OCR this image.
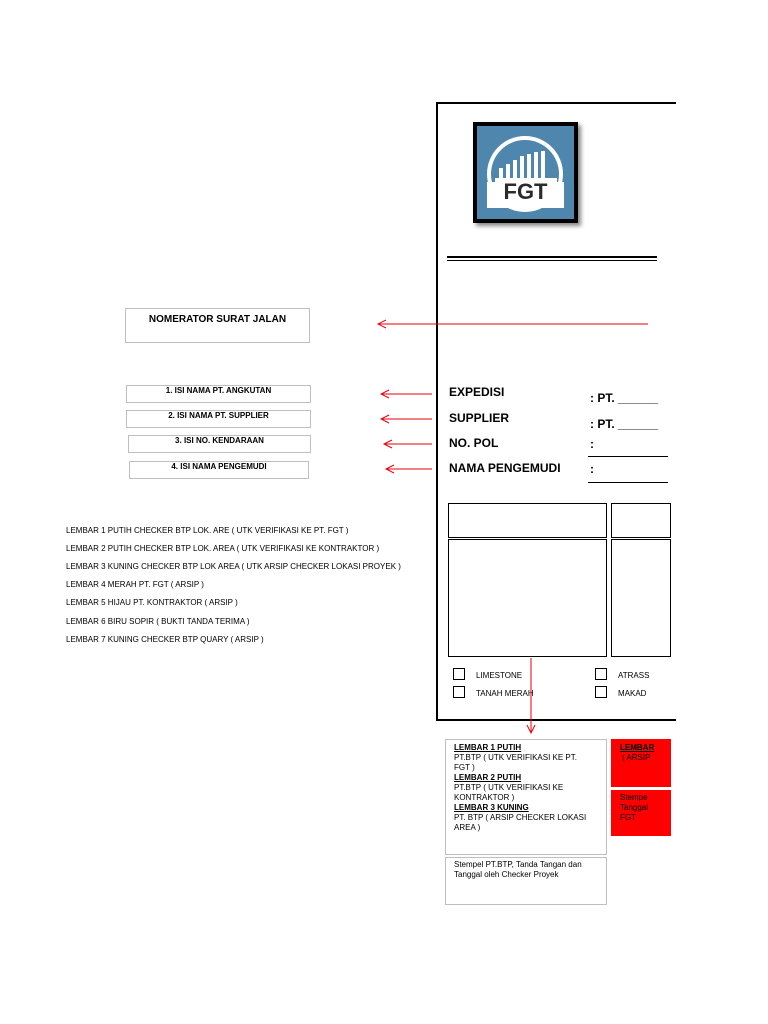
NOMERATOR SURAT JALAN
1. ISI NAMA PT. ANGKUTAN
2. ISI NAMA PT. SUPPLIER
3. ISI NO. KENDARAAN
4. ISI NAMA PENGEMUDI
LEMBAR 1 PUTIH CHECKER BTP LOK. ARE ( UTK VERIFIKASI KE PT. FGT )
LEMBAR 2 PUTIH CHECKER BTP LOK. AREA ( UTK VERIFIKASI KE KONTRAKTOR )
LEMBAR 3 KUNING CHECKER BTP LOK AREA ( UTK ARSIP CHECKER LOKASI PROYEK )
LEMBAR 4 MERAH PT. FGT ( ARSIP )
LEMBAR 5 HIJAU PT. KONTRAKTOR ( ARSIP )
LEMBAR 6 BIRU SOPIR ( BUKTI TANDA TERIMA )
LEMBAR 7 KUNING CHECKER BTP QUARY ( ARSIP )
FGT
EXPEDISI	: PT. ______
SUPPLIER	: PT. ______
NO. POL	:
NAMA PENGEMUDI :
LIMESTONE
TANAH MERAH
ATRASS
MAKAD
LEMBAR 1 PUTIH
PT.BTP ( UTK VERIFIKASI KE PT. FGT )
LEMBAR 2 PUTIH
PT.BTP ( UTK VERIFIKASI KE KONTRAKTOR )
LEMBAR 3 KUNING
PT. BTP ( ARSIP CHECKER LOKASI AREA )
Stempel PT.BTP, Tanda Tangan dan Tanggal oleh Checker Proyek
LEMBAR
( ARSIP
Stempe Tanggal FGT
